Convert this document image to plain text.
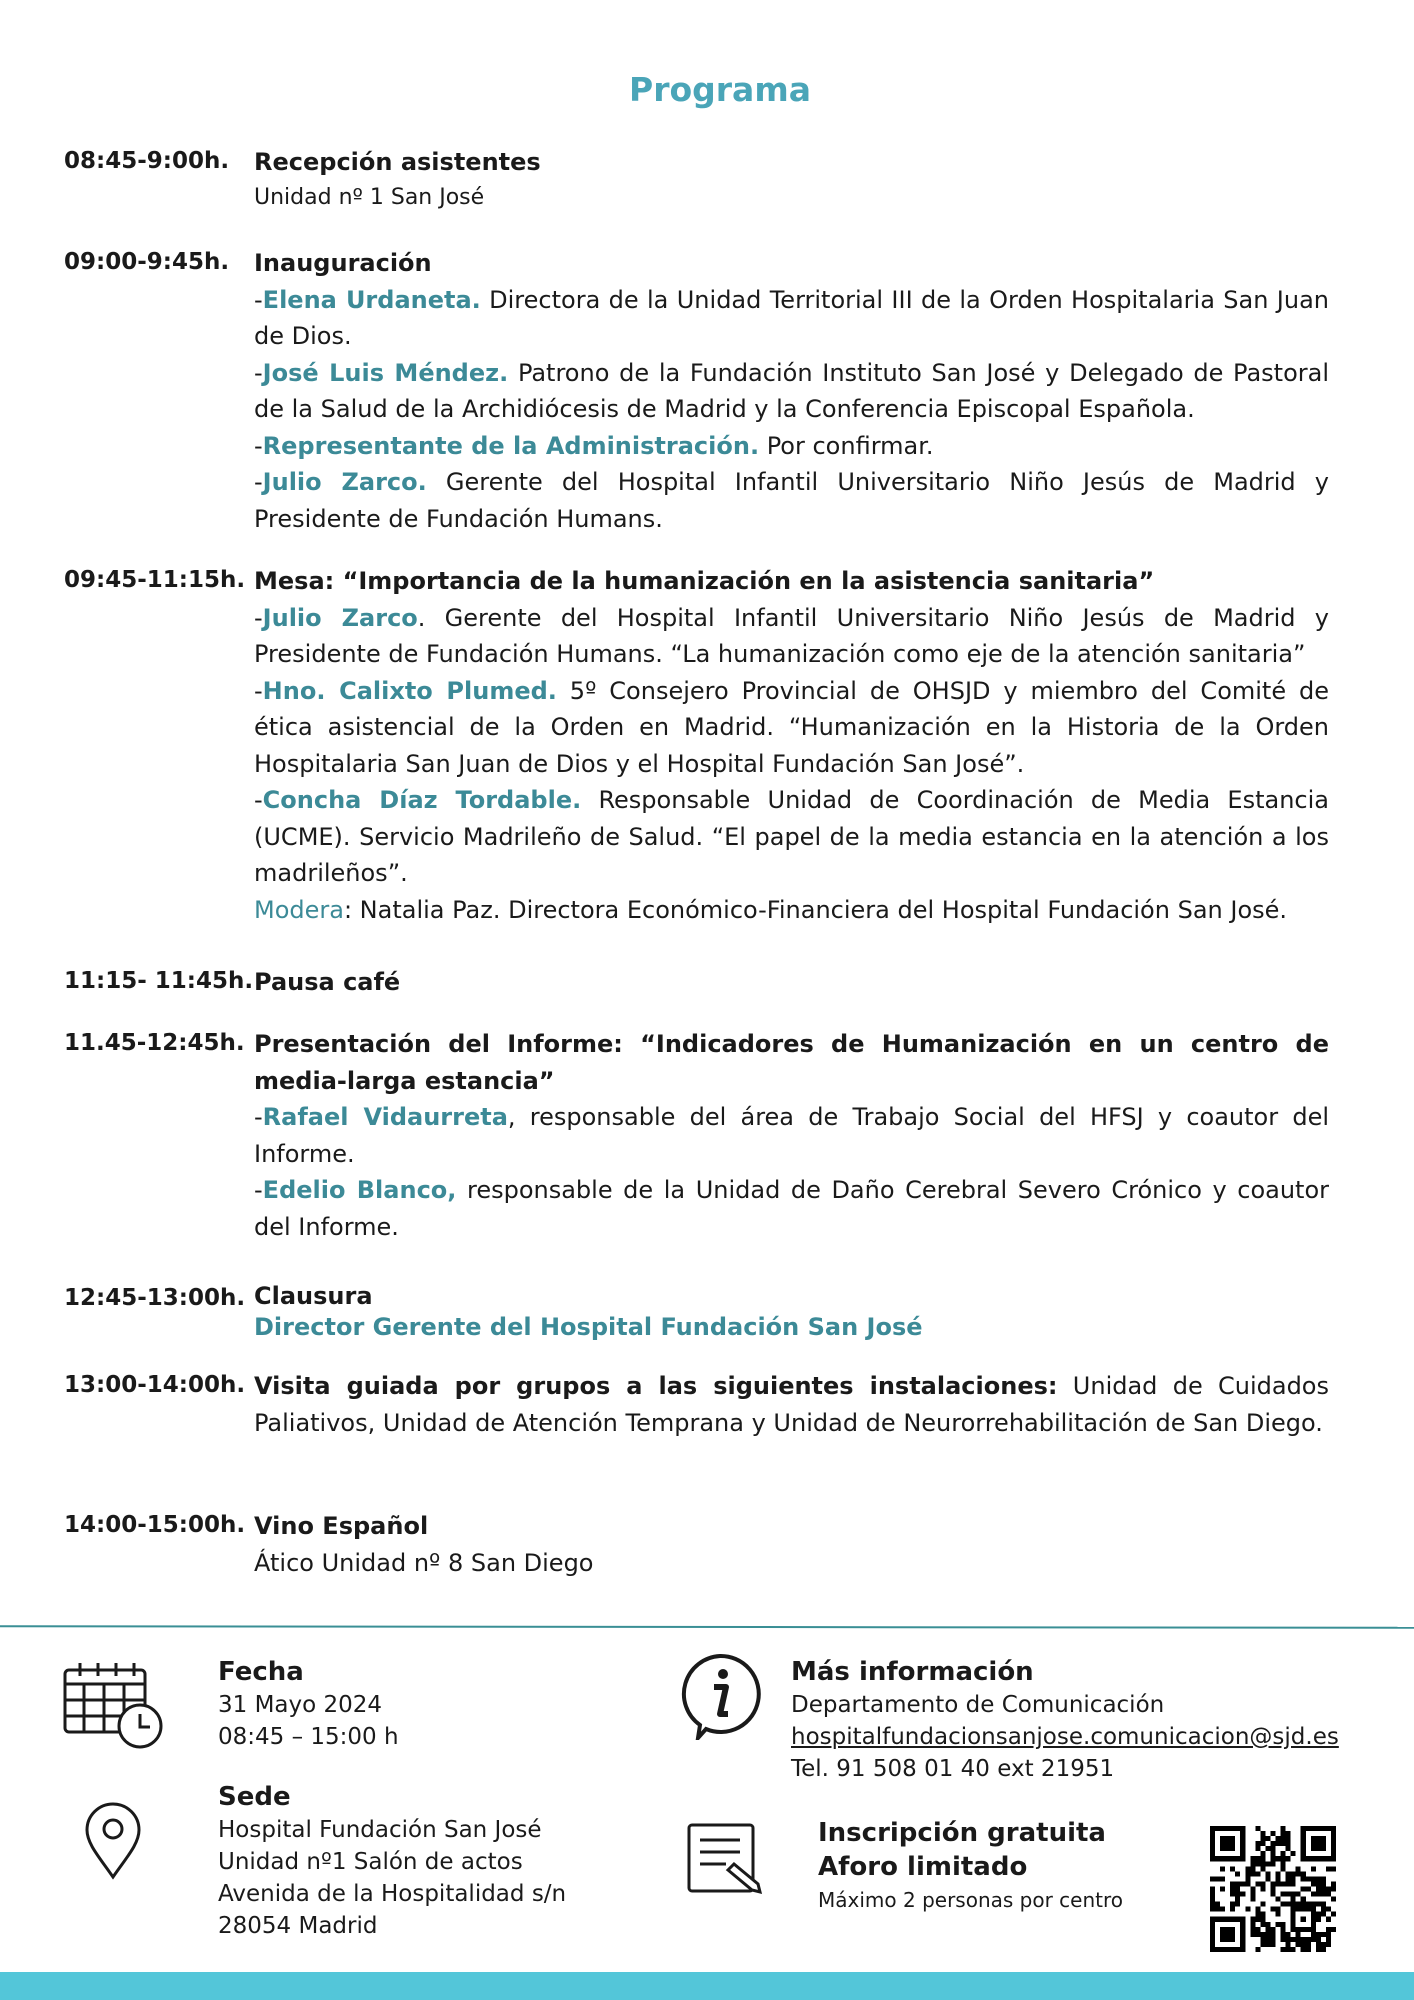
Programa
08:45-9:00h.	Recepción asistentes
Unidad nº 1 San José
09:00-9:45h.	Inauguración
-Elena Urdaneta. Directora de la Unidad Territorial III de la Orden Hospitalaria San Juan de Dios.
-José Luis Méndez. Patrono de la Fundación Instituto San José y Delegado de Pastoral de la Salud de la Archidiócesis de Madrid y la Conferencia Episcopal Española.
-Representante de la Administración. Por confirmar.
-Julio Zarco. Gerente del Hospital Infantil Universitario Niño Jesús de Madrid y Presidente de Fundación Humans.
09:45-11:15h. Mesa: “Importancia de la humanización en la asistencia sanitaria”
-Julio Zarco. Gerente del Hospital Infantil Universitario Niño Jesús de Madrid y Presidente de Fundación Humans. “La humanización como eje de la atención sanitaria”
-Hno. Calixto Plumed. 5º Consejero Provincial de OHSJD y miembro del Comité de ética asistencial de la Orden en Madrid. “Humanización en la Historia de la Orden Hospitalaria San Juan de Dios y el Hospital Fundación San José”.
-Concha Díaz Tordable. Responsable Unidad de Coordinación de Media Estancia (UCME). Servicio Madrileño de Salud. “El papel de la media estancia en la atención a los madrileños”.
Modera: Natalia Paz. Directora Económico-Financiera del Hospital Fundación San José.
11:15- 11:45h. Pausa café
11.45-12:45h. Presentación del Informe: “Indicadores de Humanización en un centro de media-larga estancia”
-Rafael Vidaurreta, responsable del área de Trabajo Social del HFSJ y coautor del Informe.
-Edelio Blanco, responsable de la Unidad de Daño Cerebral Severo Crónico y coautor del Informe.
12:45-13:00h. Clausura
Director Gerente del Hospital Fundación San José
13:00-14:00h. Visita guiada por grupos a las siguientes instalaciones: Unidad de Cuidados Paliativos, Unidad de Atención Temprana y Unidad de Neurorrehabilitación de San Diego.
14:00-15:00h. Vino Español
Ático Unidad nº 8 San Diego
Fecha
31 Mayo 2024
08:45 – 15:00 h
Sede
Hospital Fundación San José
Unidad nº1 Salón de actos
Avenida de la Hospitalidad s/n
28054 Madrid
Más información
Departamento de Comunicación
hospitalfundacionsanjose.comunicacion@sjd.es
Tel. 91 508 01 40 ext 21951
Inscripción gratuita
Aforo limitado
Máximo 2 personas por centro
